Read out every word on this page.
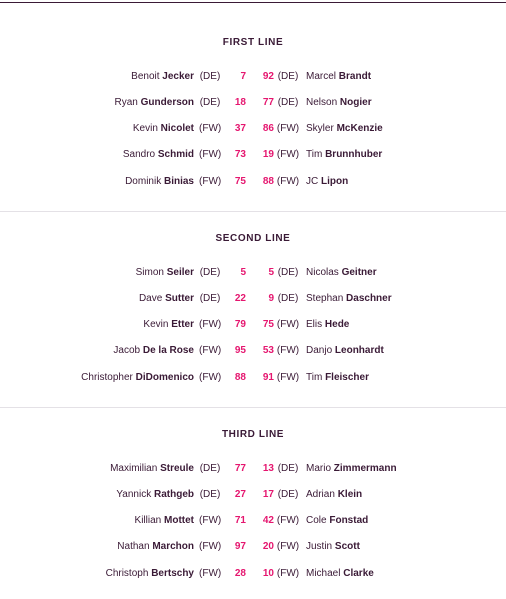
FIRST LINE
Benoit Jecker (DE)	7	92 (DE) Marcel Brandt
Ryan Gunderson (DE)	18	77 (DE) Nelson Nogier
Kevin Nicolet (FW)	37	86 (FW) Skyler McKenzie
Sandro Schmid (FW)	73	19 (FW) Tim Brunnhuber
Dominik Binias (FW)	75	88 (FW) JC Lipon
SECOND LINE
Simon Seiler (DE)	5	5 (DE) Nicolas Geitner
Dave Sutter (DE)	22	9 (DE) Stephan Daschner
Kevin Etter (FW)	79	75 (FW) Elis Hede
Jacob De la Rose (FW)	95	53 (FW) Danjo Leonhardt
Christopher DiDomenico (FW)	88	91 (FW) Tim Fleischer
THIRD LINE
Maximilian Streule (DE)	77	13 (DE) Mario Zimmermann
Yannick Rathgeb (DE)	27	17 (DE) Adrian Klein
Killian Mottet (FW)	71	42 (FW) Cole Fonstad
Nathan Marchon (FW)	97	20 (FW) Justin Scott
Christoph Bertschy (FW)	28	10 (FW) Michael Clarke
